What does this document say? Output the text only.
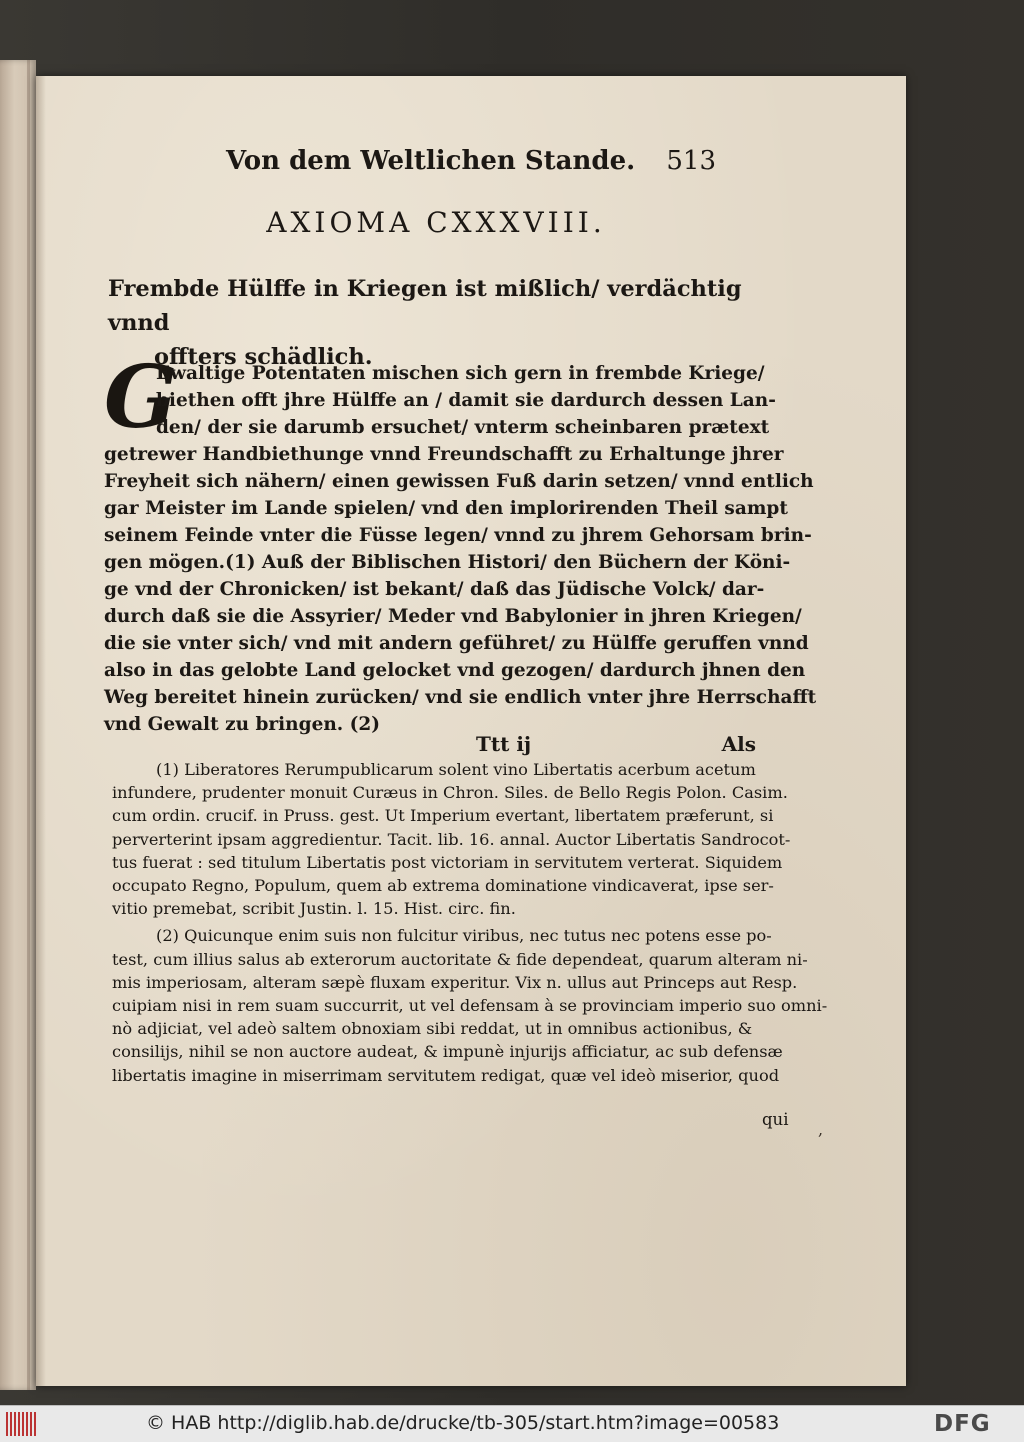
Von dem Weltlichen Stande. 513
AXIOMA CXXXVIII.
Frembde Hülffe in Kriegen ist mißlich/ verdächtig vnnd
offters schädlich.
G
Ewaltige Potentaten mischen sich gern in frembde Kriege/
biethen offt jhre Hülffe an / damit sie dardurch dessen Lan-
den/ der sie darumb ersuchet/ vnterm scheinbaren prætext
getrewer Handbiethunge vnnd Freundschafft zu Erhaltunge jhrer
Freyheit sich nähern/ einen gewissen Fuß darin setzen/ vnnd entlich
gar Meister im Lande spielen/ vnd den implorirenden Theil sampt
seinem Feinde vnter die Füsse legen/ vnnd zu jhrem Gehorsam brin-
gen mögen.(1) Auß der Biblischen Histori/ den Büchern der Köni-
ge vnd der Chronicken/ ist bekant/ daß das Jüdische Volck/ dar-
durch daß sie die Assyrier/ Meder vnd Babylonier in jhren Kriegen/
die sie vnter sich/ vnd mit andern geführet/ zu Hülffe geruffen vnnd
also in das gelobte Land gelocket vnd gezogen/ dardurch jhnen den
Weg bereitet hinein zurücken/ vnd sie endlich vnter jhre Herrschafft
vnd Gewalt zu bringen. (2)
Ttt ij	Als
(1) Liberatores Rerumpublicarum solent vino Libertatis acerbum acetum
infundere, prudenter monuit Curæus in Chron. Siles. de Bello Regis Polon. Casim.
cum ordin. crucif. in Pruss. gest. Ut Imperium evertant, libertatem præferunt, si
perverterint ipsam aggredientur. Tacit. lib. 16. annal. Auctor Libertatis Sandrocot-
tus fuerat : sed titulum Libertatis post victoriam in servitutem verterat. Siquidem
occupato Regno, Populum, quem ab extrema dominatione vindicaverat, ipse ser-
vitio premebat, scribit Justin. l. 15. Hist. circ. fin.
(2) Quicunque enim suis non fulcitur viribus, nec tutus nec potens esse po-
test, cum illius salus ab exterorum auctoritate & fide dependeat, quarum alteram ni-
mis imperiosam, alteram sæpè fluxam experitur. Vix n. ullus aut Princeps aut Resp.
cuipiam nisi in rem suam succurrit, ut vel defensam à se provinciam imperio suo omni-
nò adjiciat, vel adeò saltem obnoxiam sibi reddat, ut in omnibus actionibus, &
consilijs, nihil se non auctore audeat, & impunè injurijs afficiatur, ac sub defensæ
libertatis imagine in miserrimam servitutem redigat, quæ vel ideò miserior, quod
qui
,
© HAB http://diglib.hab.de/drucke/tb-305/start.htm?image=00583	DFG
